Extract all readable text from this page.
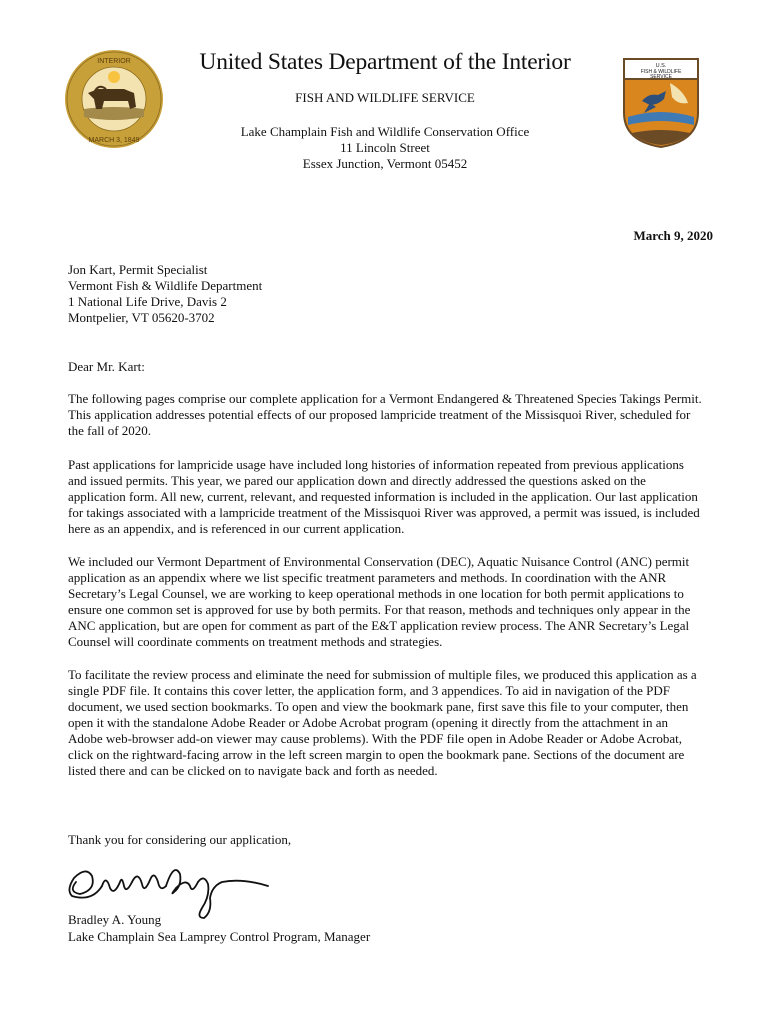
INTERIOR
MARCH 3, 1849
U.S.
FISH & WILDLIFE
SERVICE
United States Department of the Interior
FISH AND WILDLIFE SERVICE
Lake Champlain Fish and Wildlife Conservation Office
11 Lincoln Street
Essex Junction, Vermont 05452
March 9, 2020
Jon Kart, Permit Specialist
Vermont Fish & Wildlife Department
1 National Life Drive, Davis 2
Montpelier, VT 05620-3702
Dear Mr. Kart:

The following pages comprise our complete application for a Vermont Endangered & Threatened Species Takings Permit. This application addresses potential effects of our proposed lampricide treatment of the Missisquoi River, scheduled for the fall of 2020.

Past applications for lampricide usage have included long histories of information repeated from previous applications and issued permits. This year, we pared our application down and directly addressed the questions asked on the application form. All new, current, relevant, and requested information is included in the application. Our last application for takings associated with a lampricide treatment of the Missisquoi River was approved, a permit was issued, is included here as an appendix, and is referenced in our current application.

We included our Vermont Department of Environmental Conservation (DEC), Aquatic Nuisance Control (ANC) permit application as an appendix where we list specific treatment parameters and methods. In coordination with the ANR Secretary’s Legal Counsel, we are working to keep operational methods in one location for both permit applications to ensure one common set is approved for use by both permits. For that reason, methods and techniques only appear in the ANC application, but are open for comment as part of the E&T application review process. The ANR Secretary’s Legal Counsel will coordinate comments on treatment methods and strategies.

To facilitate the review process and eliminate the need for submission of multiple files, we produced this application as a single PDF file. It contains this cover letter, the application form, and 3 appendices. To aid in navigation of the PDF document, we used section bookmarks. To open and view the bookmark pane, first save this file to your computer, then open it with the standalone Adobe Reader or Adobe Acrobat program (opening it directly from the attachment in an Adobe web-browser add-on viewer may cause problems). With the PDF file open in Adobe Reader or Adobe Acrobat, click on the rightward-facing arrow in the left screen margin to open the bookmark pane. Sections of the document are listed there and can be clicked on to navigate back and forth as needed.

Thank you for considering our application,
Bradley A. Young
Lake Champlain Sea Lamprey Control Program, Manager
